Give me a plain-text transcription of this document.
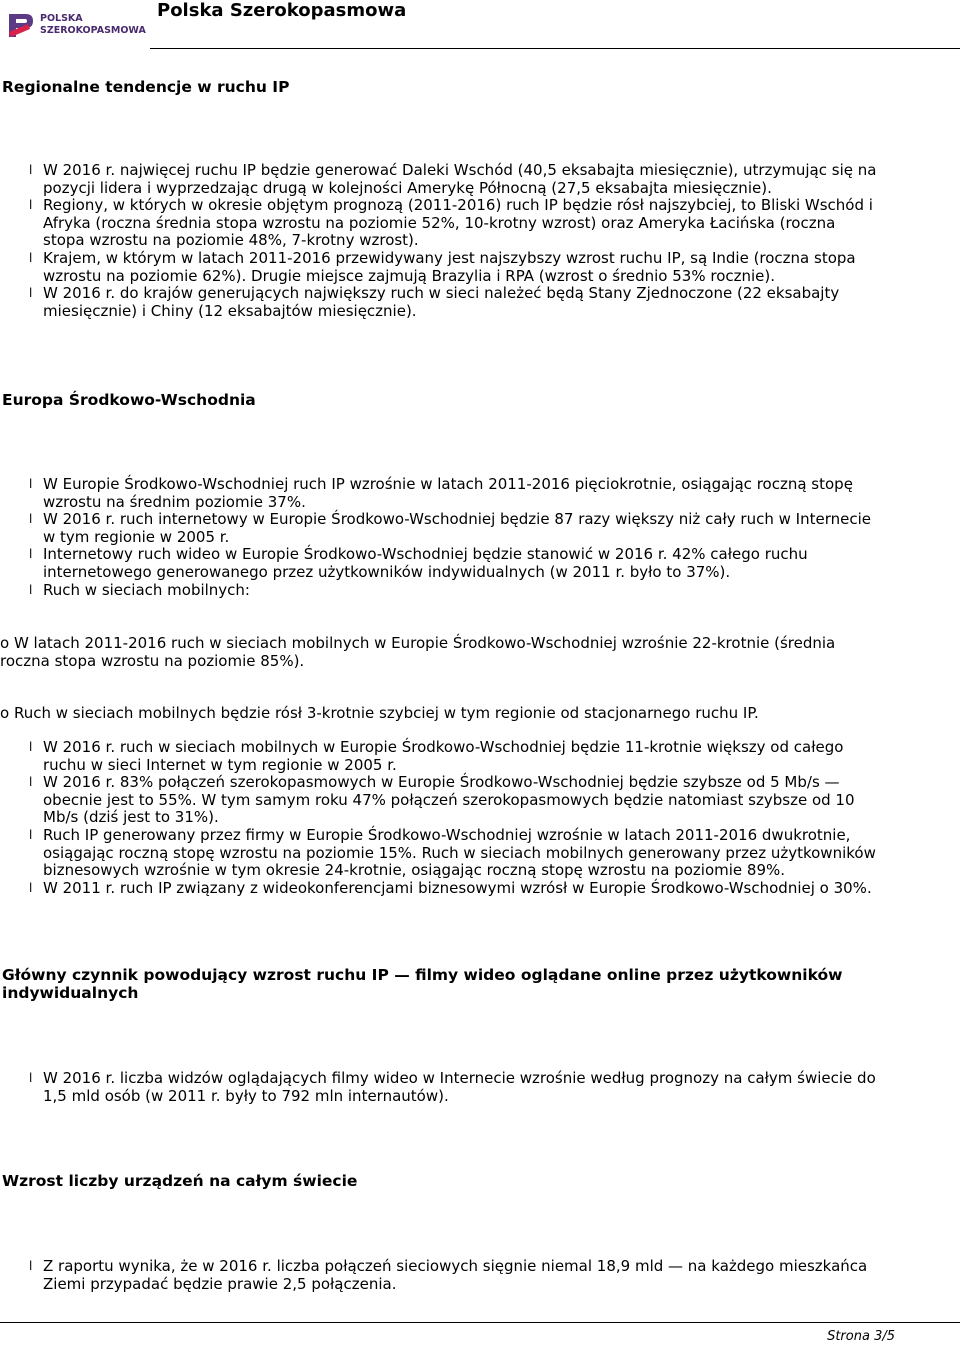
POLSKA
SZEROKOPASMOWA
Polska Szerokopasmowa
Regionalne tendencje w ruchu IP
l W 2016 r. najwięcej ruchu IP będzie generować Daleki Wschód (40,5 eksabajta miesięcznie), utrzymując się na
pozycji lidera i wyprzedzając drugą w kolejności Amerykę Północną (27,5 eksabajta miesięcznie).
l Regiony, w których w okresie objętym prognozą (2011-2016) ruch IP będzie rósł najszybciej, to Bliski Wschód i
Afryka (roczna średnia stopa wzrostu na poziomie 52%, 10-krotny wzrost) oraz Ameryka Łacińska (roczna
stopa wzrostu na poziomie 48%, 7-krotny wzrost).
l Krajem, w którym w latach 2011-2016 przewidywany jest najszybszy wzrost ruchu IP, są Indie (roczna stopa
wzrostu na poziomie 62%). Drugie miejsce zajmują Brazylia i RPA (wzrost o średnio 53% rocznie).
l W 2016 r. do krajów generujących największy ruch w sieci należeć będą Stany Zjednoczone (22 eksabajty
miesięcznie) i Chiny (12 eksabajtów miesięcznie).
Europa Środkowo-Wschodnia
l W Europie Środkowo-Wschodniej ruch IP wzrośnie w latach 2011-2016 pięciokrotnie, osiągając roczną stopę
wzrostu na średnim poziomie 37%.
l W 2016 r. ruch internetowy w Europie Środkowo-Wschodniej będzie 87 razy większy niż cały ruch w Internecie
w tym regionie w 2005 r.
l Internetowy ruch wideo w Europie Środkowo-Wschodniej będzie stanowić w 2016 r. 42% całego ruchu
internetowego generowanego przez użytkowników indywidualnych (w 2011 r. było to 37%).
l Ruch w sieciach mobilnych:
o W latach 2011-2016 ruch w sieciach mobilnych w Europie Środkowo-Wschodniej wzrośnie 22-krotnie (średnia
roczna stopa wzrostu na poziomie 85%).
o Ruch w sieciach mobilnych będzie rósł 3-krotnie szybciej w tym regionie od stacjonarnego ruchu IP.
l W 2016 r. ruch w sieciach mobilnych w Europie Środkowo-Wschodniej będzie 11-krotnie większy od całego
ruchu w sieci Internet w tym regionie w 2005 r.
l W 2016 r. 83% połączeń szerokopasmowych w Europie Środkowo-Wschodniej będzie szybsze od 5 Mb/s —
obecnie jest to 55%. W tym samym roku 47% połączeń szerokopasmowych będzie natomiast szybsze od 10
Mb/s (dziś jest to 31%).
l Ruch IP generowany przez firmy w Europie Środkowo-Wschodniej wzrośnie w latach 2011-2016 dwukrotnie,
osiągając roczną stopę wzrostu na poziomie 15%. Ruch w sieciach mobilnych generowany przez użytkowników
biznesowych wzrośnie w tym okresie 24-krotnie, osiągając roczną stopę wzrostu na poziomie 89%.
l W 2011 r. ruch IP związany z wideokonferencjami biznesowymi wzrósł w Europie Środkowo-Wschodniej o 30%.
Główny czynnik powodujący wzrost ruchu IP — filmy wideo oglądane online przez użytkowników
indywidualnych
l W 2016 r. liczba widzów oglądających filmy wideo w Internecie wzrośnie według prognozy na całym świecie do
1,5 mld osób (w 2011 r. były to 792 mln internautów).
Wzrost liczby urządzeń na całym świecie
l Z raportu wynika, że w 2016 r. liczba połączeń sieciowych sięgnie niemal 18,9 mld — na każdego mieszkańca
Ziemi przypadać będzie prawie 2,5 połączenia.
Strona 3/5
